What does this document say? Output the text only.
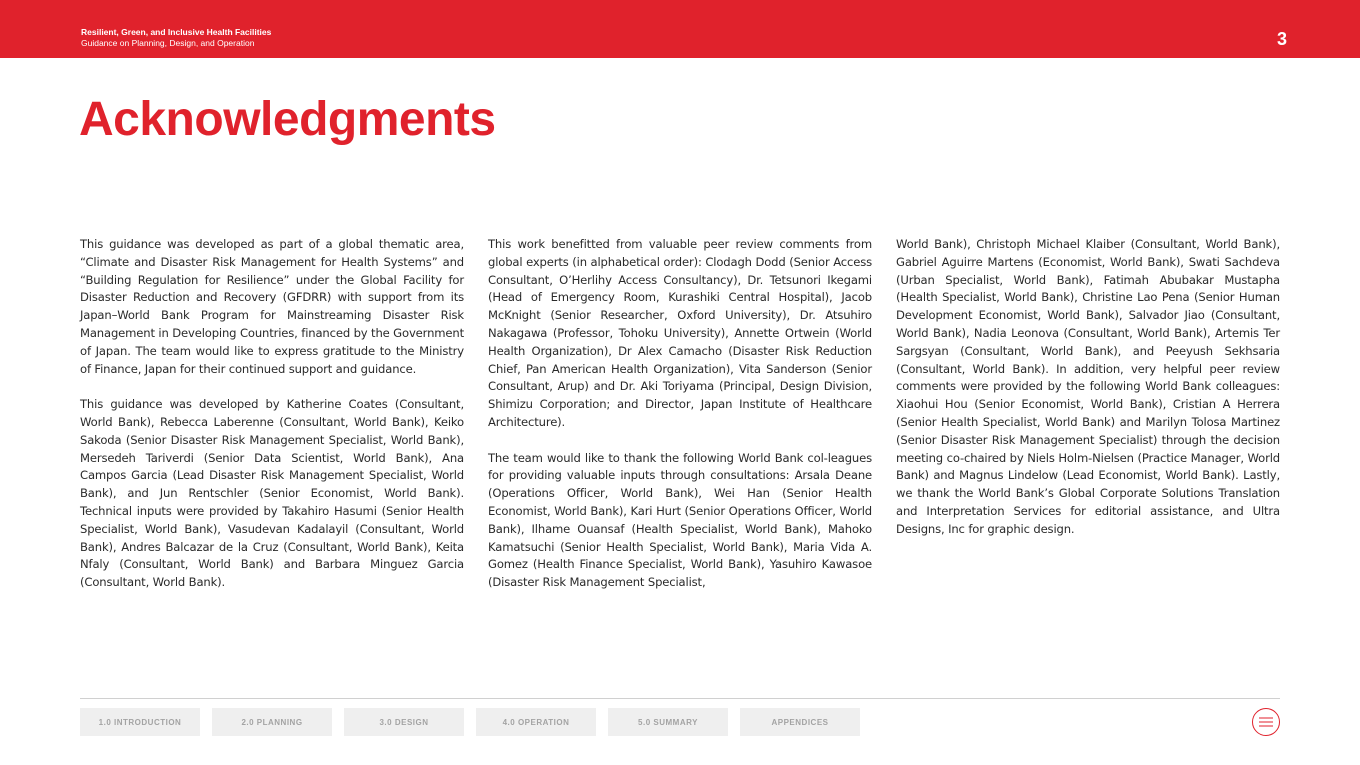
Resilient, Green, and Inclusive Health Facilities
Guidance on Planning, Design, and Operation	3
Acknowledgments

This guidance was developed as part of a global thematic area, “Climate and Disaster Risk Management for Health Systems” and “Building Regulation for Resilience” under the Global Facility for Disaster Reduction and Recovery (GFDRR) with support from its Japan–World Bank Program for Mainstreaming Disaster Risk Management in Developing Countries, financed by the Government of Japan. The team would like to express gratitude to the Ministry of Finance, Japan for their continued support and guidance.

This guidance was developed by Katherine Coates (Consultant, World Bank), Rebecca Laberenne (Consultant, World Bank), Keiko Sakoda (Senior Disaster Risk Management Specialist, World Bank), Mersedeh Tariverdi (Senior Data Scientist, World Bank), Ana Campos Garcia (Lead Disaster Risk Management Specialist, World Bank), and Jun Rentschler (Senior Economist, World Bank). Technical inputs were provided by Takahiro Hasumi (Senior Health Specialist, World Bank), Vasudevan Kadalayil (Consultant, World Bank), Andres Balcazar de la Cruz (Consultant, World Bank), Keita Nfaly (Consultant, World Bank) and Barbara Minguez Garcia (Consultant, World Bank).

This work benefitted from valuable peer review comments from global experts (in alphabetical order): Clodagh Dodd (Senior Access Consultant, O’Herlihy Access Consultancy), Dr. Tetsunori Ikegami (Head of Emergency Room, Kurashiki Central Hospital), Jacob McKnight (Senior Researcher, Oxford University), Dr. Atsuhiro Nakagawa (Professor, Tohoku University), Annette Ortwein (World Health Organization), Dr Alex Camacho (Disaster Risk Reduction Chief, Pan American Health Organization), Vita Sanderson (Senior Consultant, Arup) and Dr. Aki Toriyama (Principal, Design Division, Shimizu Corporation; and Director, Japan Institute of Healthcare Architecture).

The team would like to thank the following World Bank col-leagues for providing valuable inputs through consultations: Arsala Deane (Operations Officer, World Bank), Wei Han (Senior Health Economist, World Bank), Kari Hurt (Senior Operations Officer, World Bank), Ilhame Ouansaf (Health Specialist, World Bank), Mahoko Kamatsuchi (Senior Health Specialist, World Bank), Maria Vida A. Gomez (Health Finance Specialist, World Bank), Yasuhiro Kawasoe (Disaster Risk Management Specialist,

World Bank), Christoph Michael Klaiber (Consultant, World Bank), Gabriel Aguirre Martens (Economist, World Bank), Swati Sachdeva (Urban Specialist, World Bank), Fatimah Abubakar Mustapha (Health Specialist, World Bank), Christine Lao Pena (Senior Human Development Economist, World Bank), Salvador Jiao (Consultant, World Bank), Nadia Leonova (Consultant, World Bank), Artemis Ter Sargsyan (Consultant, World Bank), and Peeyush Sekhsaria (Consultant, World Bank). In addition, very helpful peer review comments were provided by the following World Bank colleagues: Xiaohui Hou (Senior Economist, World Bank), Cristian A Herrera (Senior Health Specialist, World Bank) and Marilyn Tolosa Martinez (Senior Disaster Risk Management Specialist) through the decision meeting co-chaired by Niels Holm-Nielsen (Practice Manager, World Bank) and Magnus Lindelow (Lead Economist, World Bank). Lastly, we thank the World Bank’s Global Corporate Solutions Translation and Interpretation Services for editorial assistance, and Ultra Designs, Inc for graphic design.

1.0 INTRODUCTION	2.0 PLANNING	3.0 DESIGN	4.0 OPERATION	5.0 SUMMARY	APPENDICES
